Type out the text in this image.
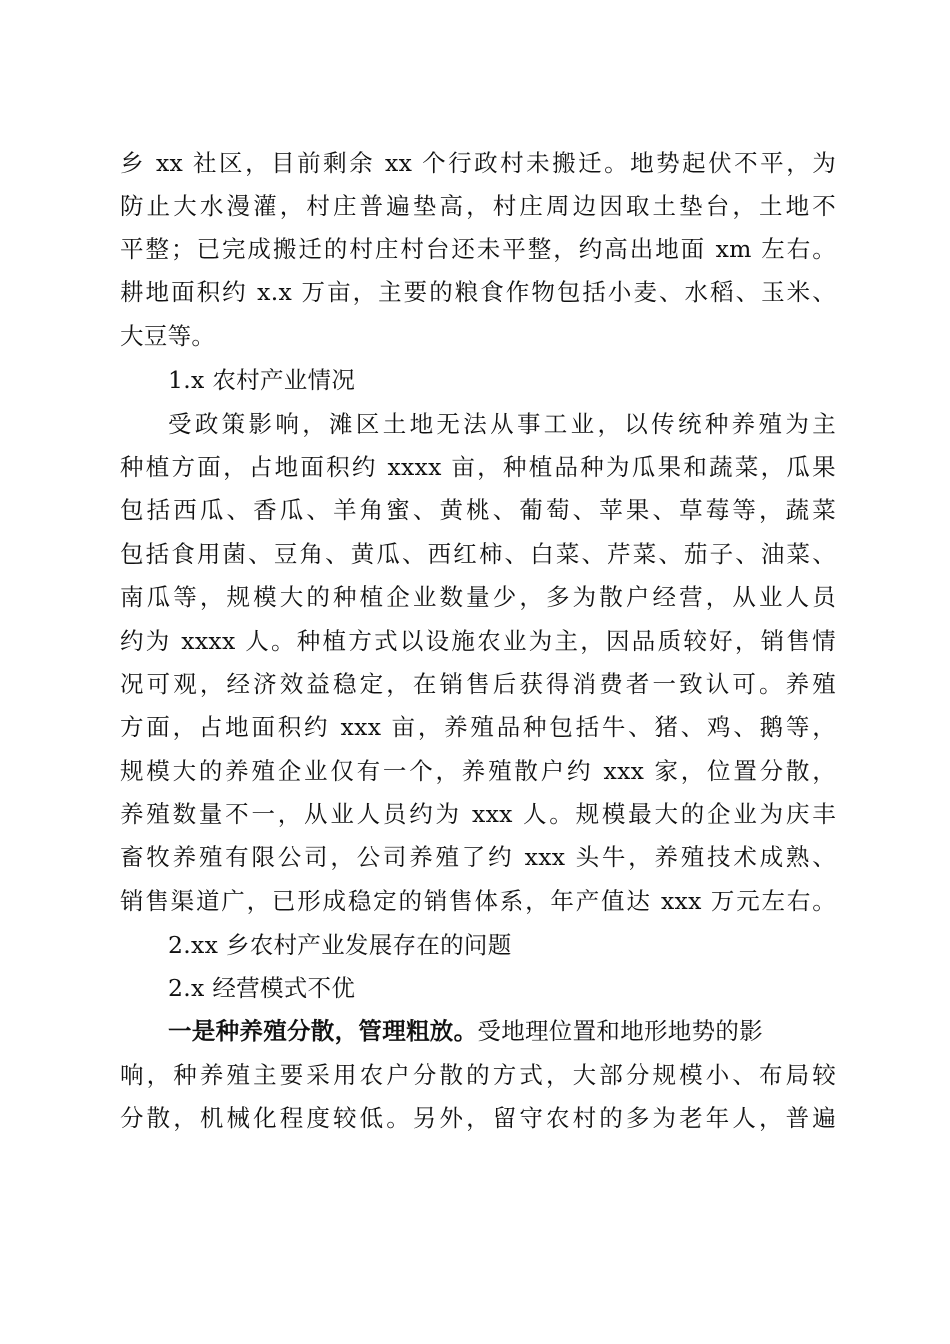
乡 xx 社区，目前剩余 xx 个行政村未搬迁。地势起伏不平，为
防止大水漫灌，村庄普遍垫高，村庄周边因取土垫台，土地不
平整；已完成搬迁的村庄村台还未平整，约高出地面 xm 左右。
耕地面积约 x.x 万亩，主要的粮食作物包括小麦、水稻、玉米、
大豆等。
1.x 农村产业情况
受政策影响，滩区土地无法从事工业，以传统种养殖为主
种植方面，占地面积约 xxxx 亩，种植品种为瓜果和蔬菜，瓜果
包括西瓜、香瓜、羊角蜜、黄桃、葡萄、苹果、草莓等，蔬菜
包括食用菌、豆角、黄瓜、西红柿、白菜、芹菜、茄子、油菜、
南瓜等，规模大的种植企业数量少，多为散户经营，从业人员
约为 xxxx 人。种植方式以设施农业为主，因品质较好，销售情
况可观，经济效益稳定，在销售后获得消费者一致认可。养殖
方面，占地面积约 xxx 亩，养殖品种包括牛、猪、鸡、鹅等，
规模大的养殖企业仅有一个，养殖散户约 xxx 家，位置分散，
养殖数量不一，从业人员约为 xxx 人。规模最大的企业为庆丰
畜牧养殖有限公司，公司养殖了约 xxx 头牛，养殖技术成熟、
销售渠道广，已形成稳定的销售体系，年产值达 xxx 万元左右。
2.xx 乡农村产业发展存在的问题
2.x 经营模式不优
一是种养殖分散，管理粗放。受地理位置和地形地势的影
响，种养殖主要采用农户分散的方式，大部分规模小、布局较
分散，机械化程度较低。另外，留守农村的多为老年人，普遍
